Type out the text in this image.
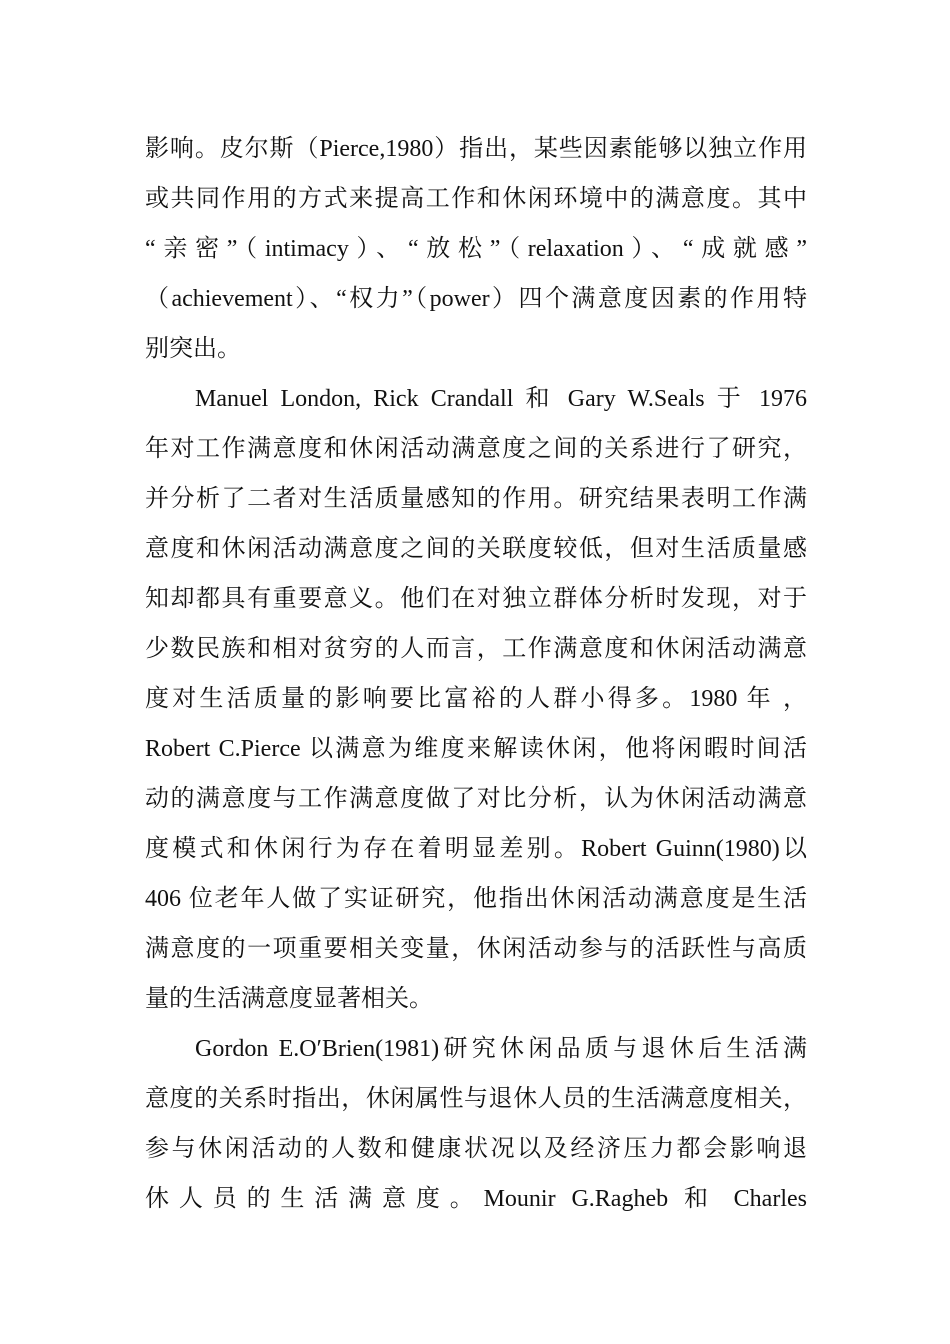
影响。皮尔斯（Pierce,1980）指出，某些因素能够以独立作用
或共同作用的方式来提高工作和休闲环境中的满意度。其中
“亲密”（intimacy）、“放松”（relaxation）、“成就感”
（achievement）、“权力”（power）四个满意度因素的作用特
别突出。
Manuel London, Rick Crandall 和 Gary W.Seals 于 1976
年对工作满意度和休闲活动满意度之间的关系进行了研究，
并分析了二者对生活质量感知的作用。研究结果表明工作满
意度和休闲活动满意度之间的关联度较低，但对生活质量感
知却都具有重要意义。他们在对独立群体分析时发现，对于
少数民族和相对贫穷的人而言，工作满意度和休闲活动满意
度对生活质量的影响要比富裕的人群小得多。1980 年 ，
Robert C.Pierce 以满意为维度来解读休闲，他将闲暇时间活
动的满意度与工作满意度做了对比分析，认为休闲活动满意
度模式和休闲行为存在着明显差别。Robert Guinn(1980)以
406 位老年人做了实证研究，他指出休闲活动满意度是生活
满意度的一项重要相关变量，休闲活动参与的活跃性与高质
量的生活满意度显著相关。
Gordon E.O′Brien(1981)研究休闲品质与退休后生活满
意度的关系时指出，休闲属性与退休人员的生活满意度相关，
参与休闲活动的人数和健康状况以及经济压力都会影响退
休人员的生活满意度。Mounir G.Ragheb 和 Charles
